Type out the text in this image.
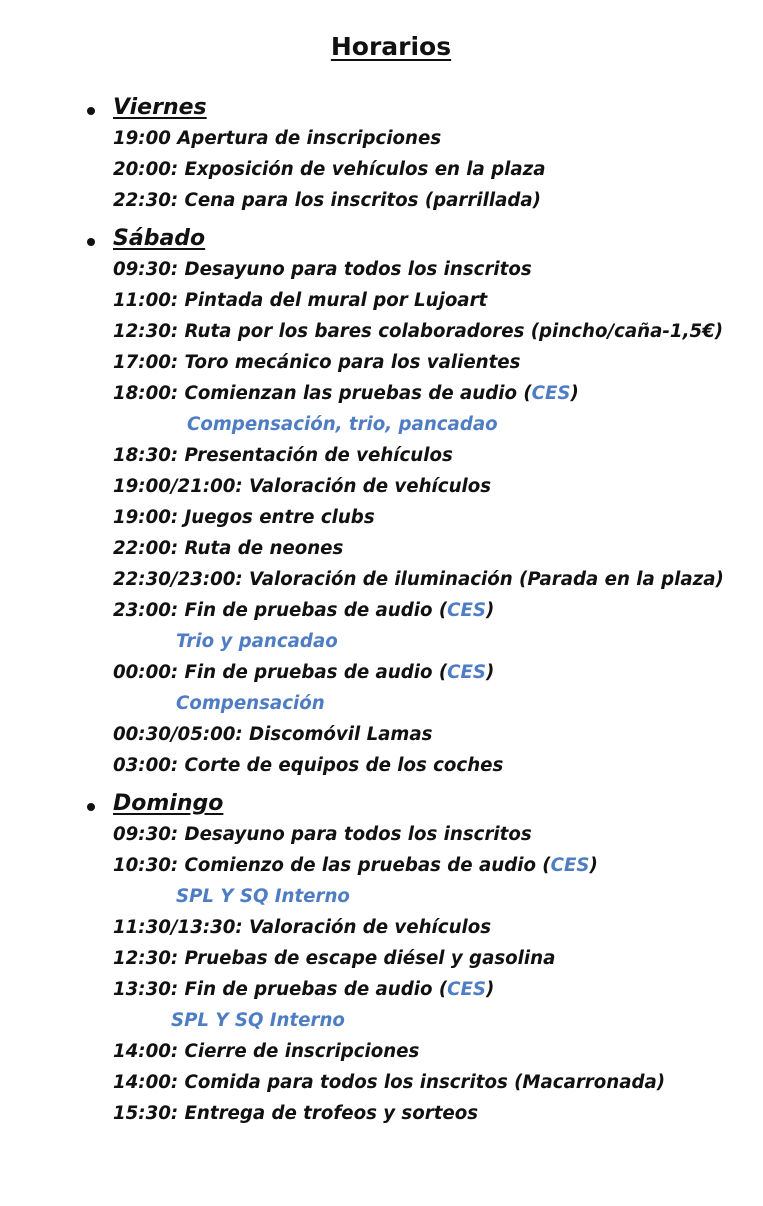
Horarios
Viernes
19:00 Apertura de inscripciones
20:00: Exposición de vehículos en la plaza
22:30: Cena para los inscritos (parrillada)
Sábado
09:30: Desayuno para todos los inscritos
11:00: Pintada del mural por Lujoart
12:30: Ruta por los bares colaboradores (pincho/caña-1,5€)
17:00: Toro mecánico para los valientes
18:00: Comienzan las pruebas de audio (CES)
Compensación, trio, pancadao
18:30: Presentación de vehículos
19:00/21:00: Valoración de vehículos
19:00: Juegos entre clubs
22:00: Ruta de neones
22:30/23:00: Valoración de iluminación (Parada en la plaza)
23:00: Fin de pruebas de audio (CES)
Trio y pancadao
00:00: Fin de pruebas de audio (CES)
Compensación
00:30/05:00: Discomóvil Lamas
03:00: Corte de equipos de los coches
Domingo
09:30: Desayuno para todos los inscritos
10:30: Comienzo de las pruebas de audio (CES)
SPL Y SQ Interno
11:30/13:30: Valoración de vehículos
12:30: Pruebas de escape diésel y gasolina
13:30: Fin de pruebas de audio (CES)
SPL Y SQ Interno
14:00: Cierre de inscripciones
14:00: Comida para todos los inscritos (Macarronada)
15:30: Entrega de trofeos y sorteos
